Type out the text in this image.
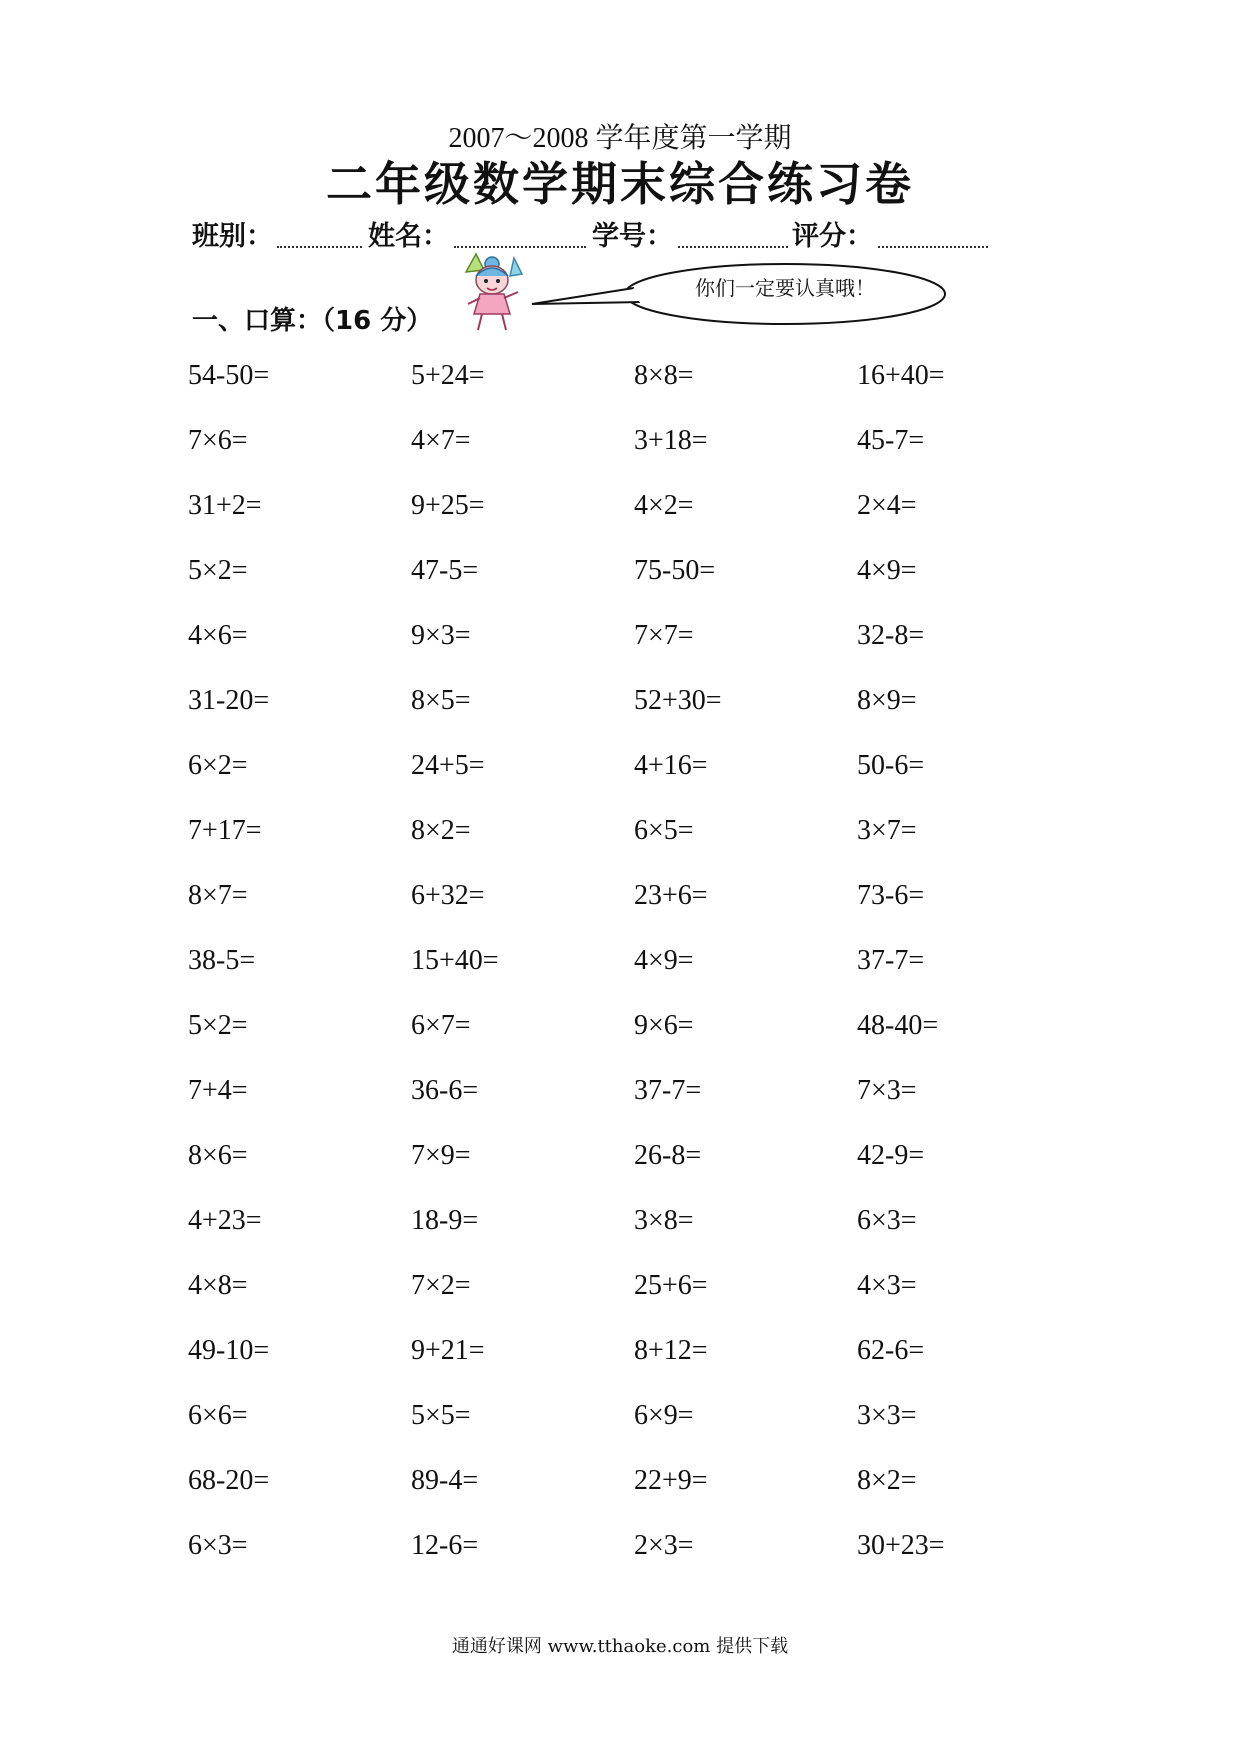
2007～2008 学年度第一学期
二年级数学期末综合练习卷
班别：	姓名：	学号：	评分：
你们一定要认真哦！
一、口算：（16 分）
54-50=	5+24=	8×8=	16+40=
7×6=	4×7=	3+18=	45-7=
31+2=	9+25=	4×2=	2×4=
5×2=	47-5=	75-50=	4×9=
4×6=	9×3=	7×7=	32-8=
31-20=	8×5=	52+30=	8×9=
6×2=	24+5=	4+16=	50-6=
7+17=	8×2=	6×5=	3×7=
8×7=	6+32=	23+6=	73-6=
38-5=	15+40=	4×9=	37-7=
5×2=	6×7=	9×6=	48-40=
7+4=	36-6=	37-7=	7×3=
8×6=	7×9=	26-8=	42-9=
4+23=	18-9=	3×8=	6×3=
4×8=	7×2=	25+6=	4×3=
49-10=	9+21=	8+12=	62-6=
6×6=	5×5=	6×9=	3×3=
68-20=	89-4=	22+9=	8×2=
6×3=	12-6=	2×3=	30+23=
通通好课网 www.tthaoke.com 提供下载
